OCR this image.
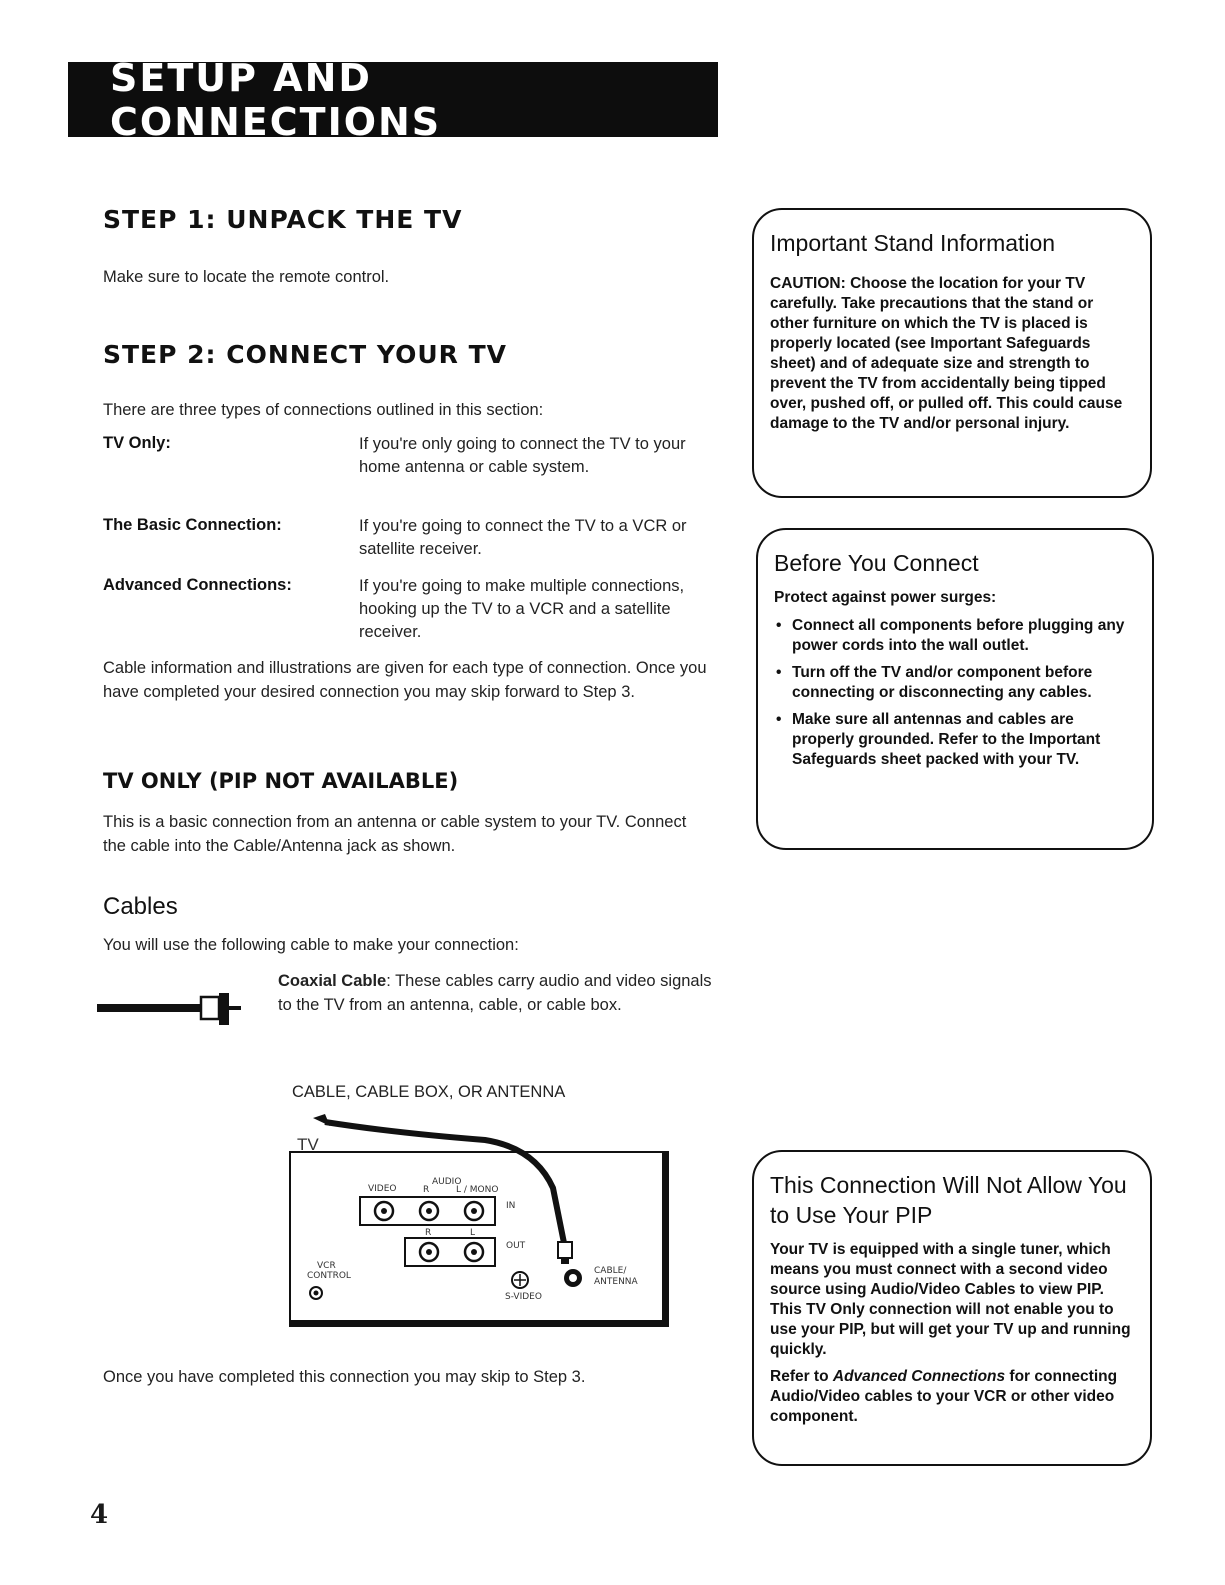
SETUP AND CONNECTIONS
STEP 1: UNPACK THE TV
Make sure to locate the remote control.
STEP 2: CONNECT YOUR TV
There are three types of connections outlined in this section:
TV Only:	If you're only going to connect the TV to your home antenna or cable system.
The Basic Connection:	If you're going to connect the TV to a VCR or satellite receiver.
Advanced Connections:	If you're going to make multiple connections, hooking up the TV to a VCR and a satellite receiver.
Cable information and illustrations are given for each type of connection. Once you have completed your desired connection you may skip forward to Step 3.
TV ONLY (PIP NOT AVAILABLE)
This is a basic connection from an antenna or cable system to your TV. Connect the cable into the Cable/Antenna jack as shown.
Cables
You will use the following cable to make your connection:
Coaxial Cable: These cables carry audio and video signals to the TV from an antenna, cable, or cable box.
CABLE, CABLE BOX, OR ANTENNA
TV
VIDEO	R
AUDIO
L / MONO
IN
R	L
OUT
VCR
CONTROL
S-VIDEO
CABLE/
ANTENNA
Once you have completed this connection you may skip to Step 3.
4
Important Stand Information

CAUTION: Choose the location for your TV carefully. Take precautions that the stand or other furniture on which the TV is placed is properly located (see Important Safeguards sheet) and of adequate size and strength to prevent the TV from accidentally being tipped over, pushed off, or pulled off. This could cause damage to the TV and/or personal injury.

Before You Connect

Protect against power surges:

• Connect all components before plugging any power cords into the wall outlet.
• Turn off the TV and/or component before connecting or disconnecting any cables.
• Make sure all antennas and cables are properly grounded. Refer to the Important Safeguards sheet packed with your TV.
This Connection Will Not Allow You to Use Your PIP

Your TV is equipped with a single tuner, which means you must connect with a second video source using Audio/Video Cables to view PIP. This TV Only connection will not enable you to use your PIP, but will get your TV up and running quickly.

Refer to Advanced Connections for connecting Audio/Video cables to your VCR or other video component.
